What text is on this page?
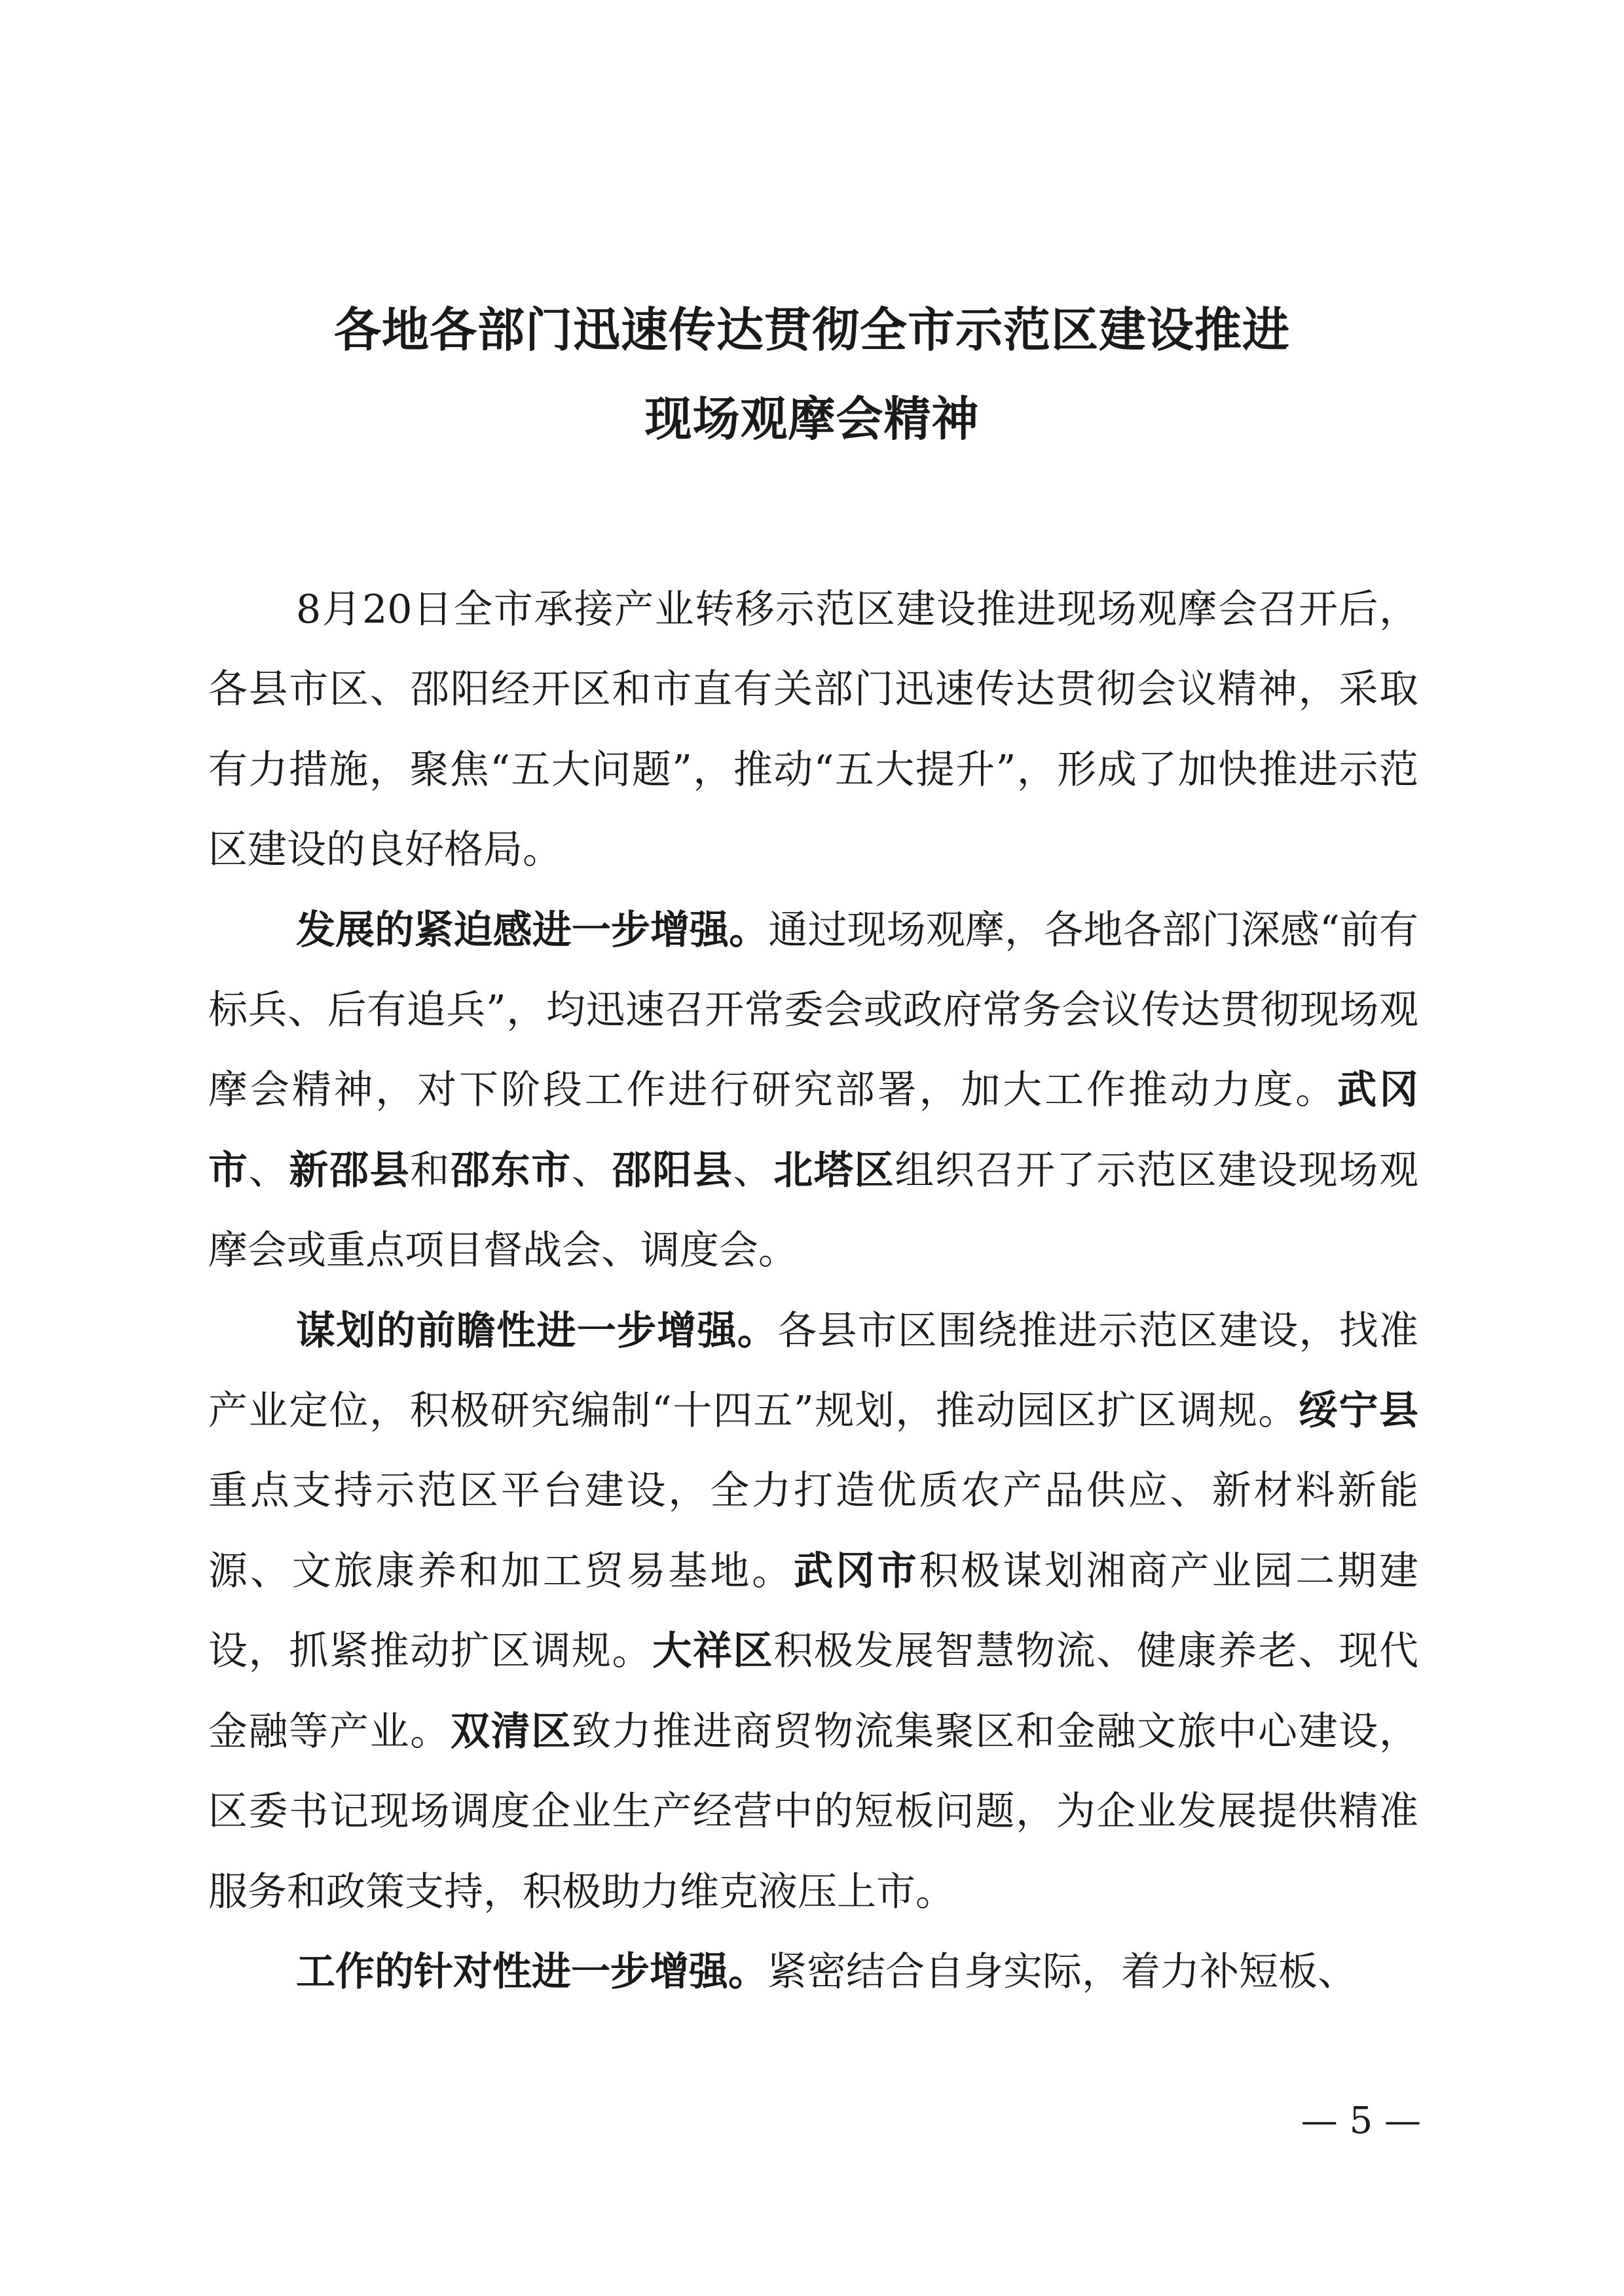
各地各部门迅速传达贯彻全市示范区建设推进
现场观摩会精神

8月20日全市承接产业转移示范区建设推进现场观摩会召开后，各县市区、邵阳经开区和市直有关部门迅速传达贯彻会议精神，采取有力措施，聚焦“五大问题”，推动“五大提升”，形成了加快推进示范区建设的良好格局。

发展的紧迫感进一步增强。通过现场观摩，各地各部门深感“前有标兵、后有追兵”，均迅速召开常委会或政府常务会议传达贯彻现场观摩会精神，对下阶段工作进行研究部署，加大工作推动力度。武冈市、新邵县和邵东市、邵阳县、北塔区组织召开了示范区建设现场观摩会或重点项目督战会、调度会。

谋划的前瞻性进一步增强。各县市区围绕推进示范区建设，找准产业定位，积极研究编制“十四五”规划，推动园区扩区调规。绥宁县重点支持示范区平台建设，全力打造优质农产品供应、新材料新能源、文旅康养和加工贸易基地。武冈市积极谋划湘商产业园二期建设，抓紧推动扩区调规。大祥区积极发展智慧物流、健康养老、现代金融等产业。双清区致力推进商贸物流集聚区和金融文旅中心建设，区委书记现场调度企业生产经营中的短板问题，为企业发展提供精准服务和政策支持，积极助力维克液压上市。

工作的针对性进一步增强。紧密结合自身实际，着力补短板、

— 5 —
